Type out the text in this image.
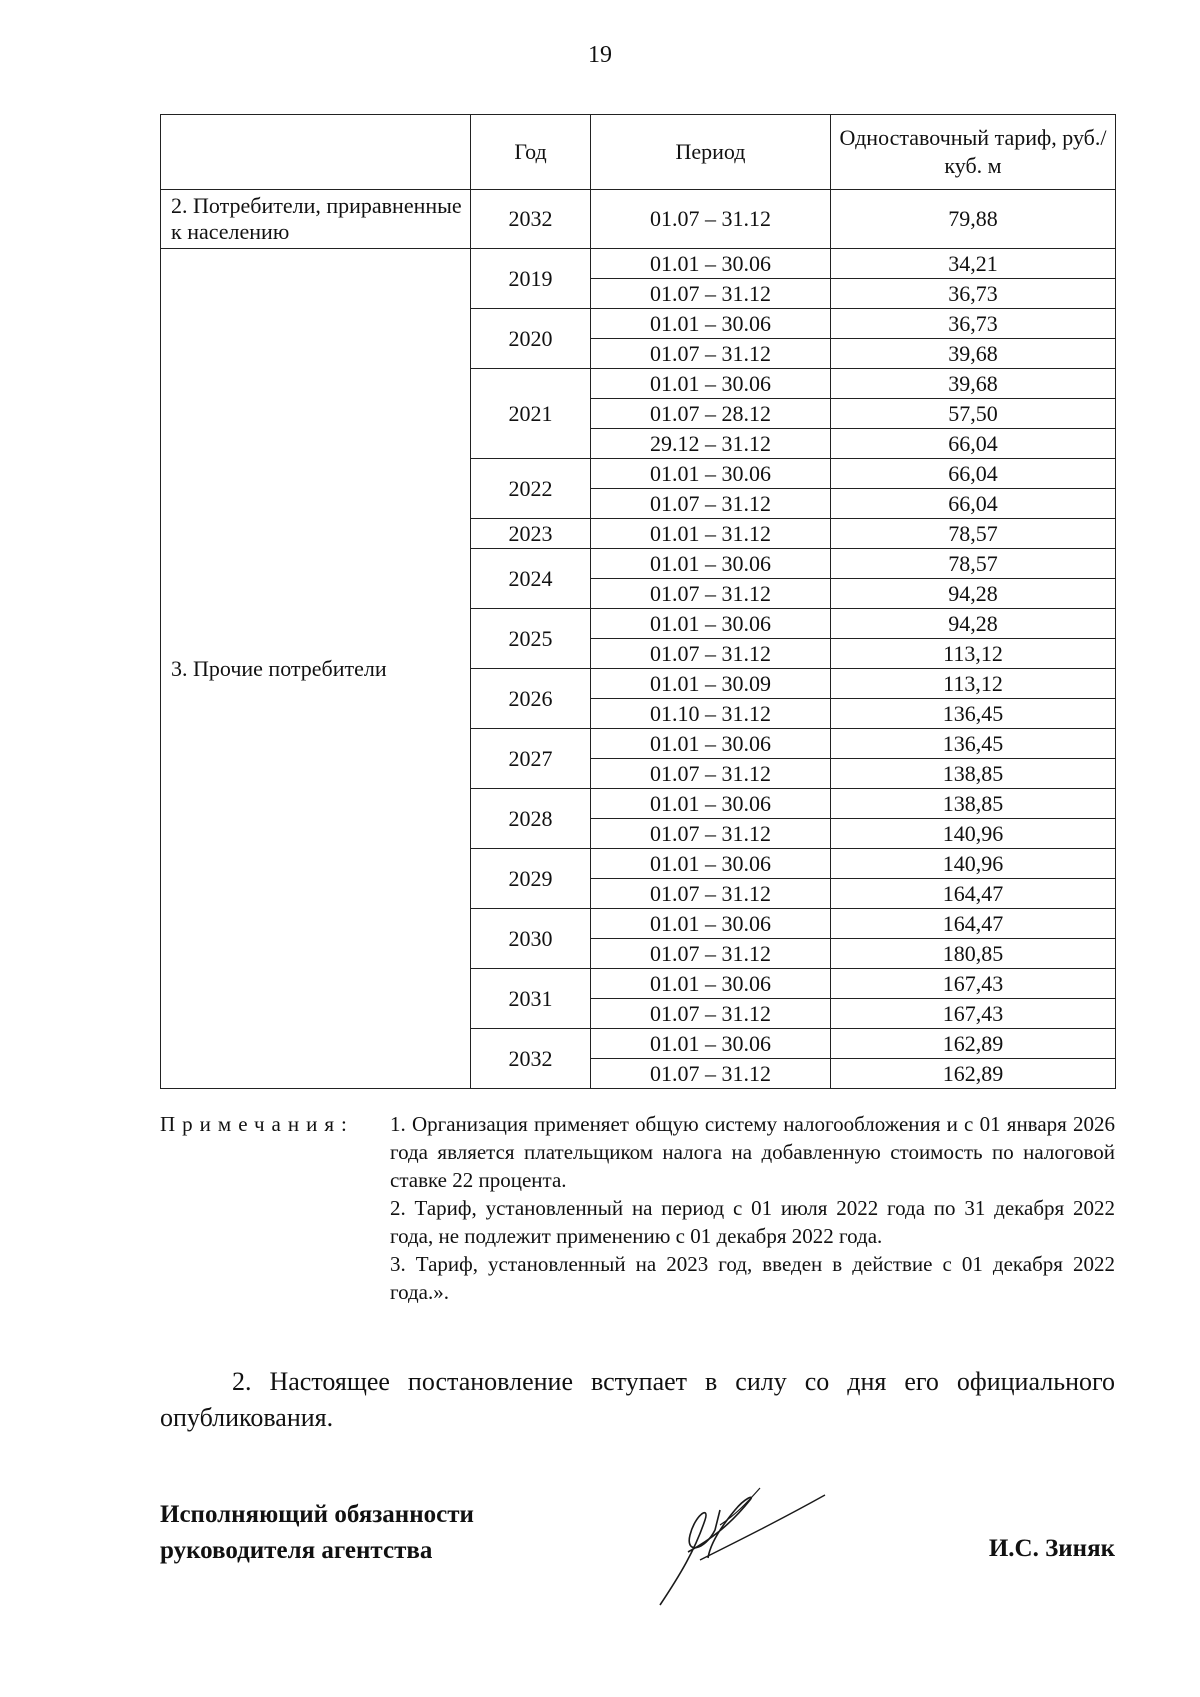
19
	Год	Период	Одноставочный тариф, руб./куб. м
2. Потребители, приравненные к населению	2032	01.07 – 31.12	79,88
3. Прочие потребители	2019	01.01 – 30.06	34,21
		01.07 – 31.12	36,73
	2020	01.01 – 30.06	36,73
		01.07 – 31.12	39,68
	2021	01.01 – 30.06	39,68
		01.07 – 28.12	57,50
		29.12 – 31.12	66,04
	2022	01.01 – 30.06	66,04
		01.07 – 31.12	66,04
	2023	01.01 – 31.12	78,57
	2024	01.01 – 30.06	78,57
		01.07 – 31.12	94,28
	2025	01.01 – 30.06	94,28
		01.07 – 31.12	113,12
	2026	01.01 – 30.09	113,12
		01.10 – 31.12	136,45
	2027	01.01 – 30.06	136,45
		01.07 – 31.12	138,85
	2028	01.01 – 30.06	138,85
		01.07 – 31.12	140,96
	2029	01.01 – 30.06	140,96
		01.07 – 31.12	164,47
	2030	01.01 – 30.06	164,47
		01.07 – 31.12	180,85
	2031	01.01 – 30.06	167,43
		01.07 – 31.12	167,43
	2032	01.01 – 30.06	162,89
		01.07 – 31.12	162,89
Примечания: 1. Организация применяет общую систему налогообложения и с 01 января 2026 года является плательщиком налога на добавленную стоимость по налоговой ставке 22 процента.

2. Тариф, установленный на период с 01 июля 2022 года по 31 декабря 2022 года, не подлежит применению с 01 декабря 2022 года.

3. Тариф, установленный на 2023 год, введен в действие с 01 декабря 2022 года.».

2. Настоящее постановление вступает в силу со дня его официального опубликования.
Исполняющий обязанности
руководителя агентства	И.С. Зиняк
